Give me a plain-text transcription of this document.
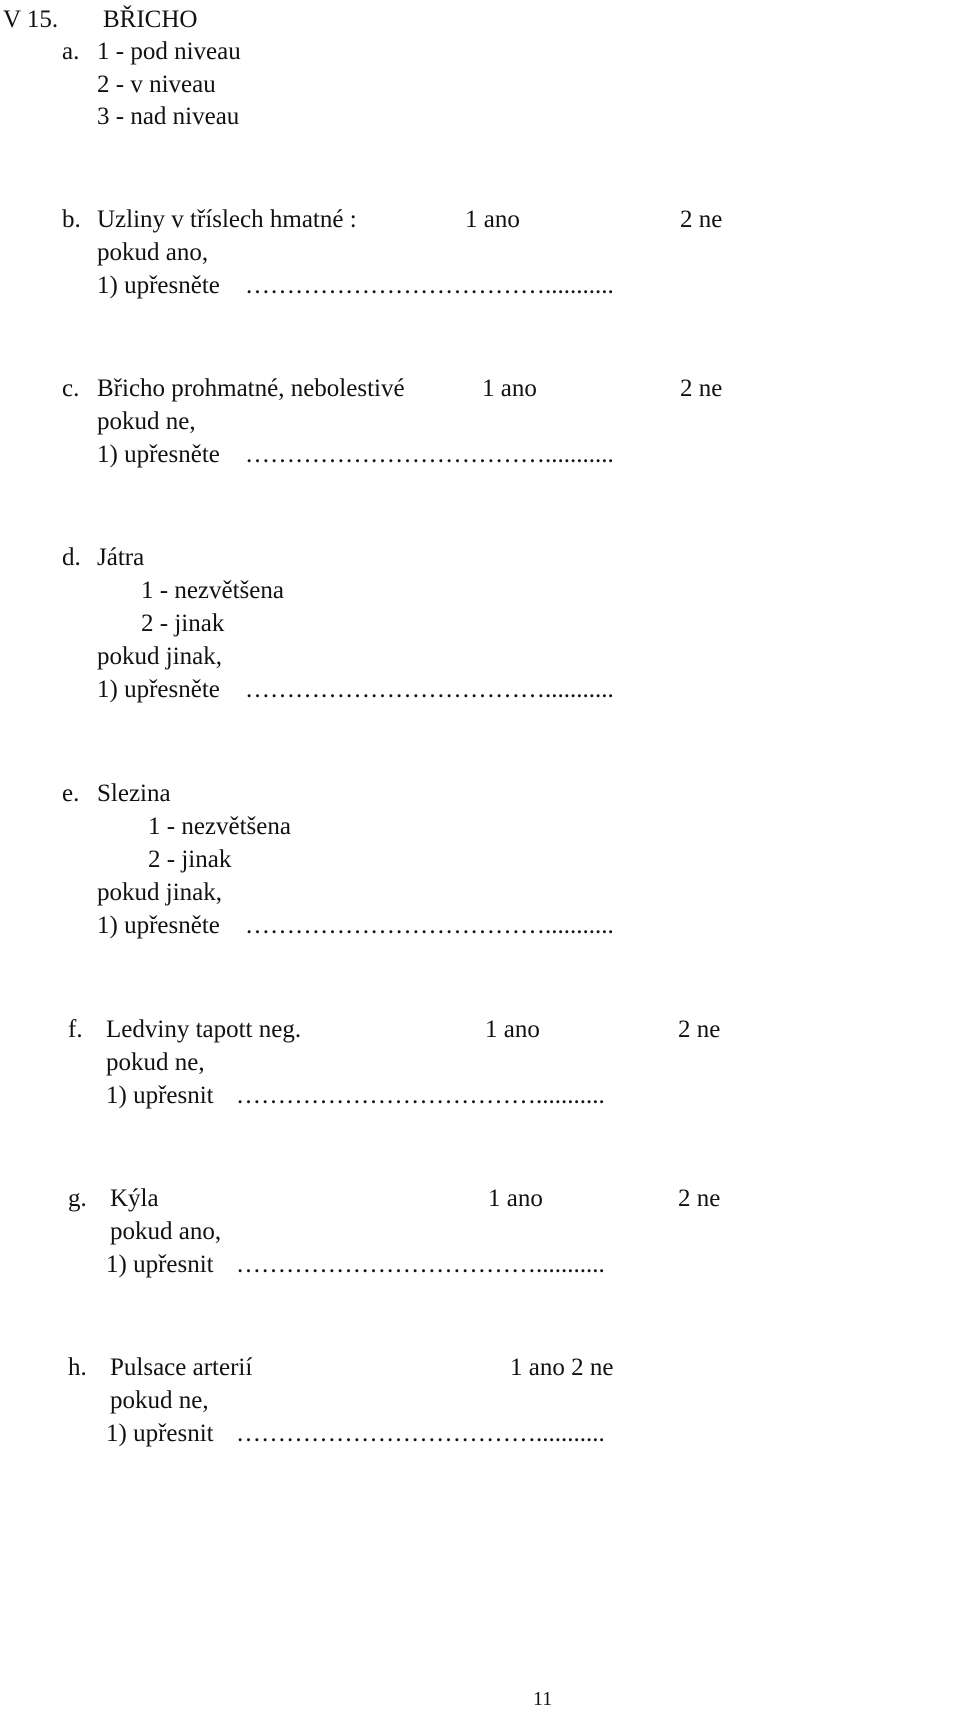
V 15. BŘICHO
a. 1 - pod niveau
2 - v niveau
3 - nad niveau
b. Uzliny v tříslech hmatné :	1 ano	2 ne
pokud ano,
1) upřesněte ………………………………...........
c. Břicho prohmatné, nebolestivé	1 ano	2 ne
pokud ne,
1) upřesněte ………………………………...........
d. Játra
1 - nezvětšena
2 - jinak
pokud jinak,
1) upřesněte ………………………………...........
e. Slezina
1 - nezvětšena
2 - jinak
pokud jinak,
1) upřesněte ………………………………...........
f. Ledviny tapott neg.	1 ano	2 ne
pokud ne,
1) upřesnit ………………………………...........
g. Kýla	1 ano	2 ne
pokud ano,
1) upřesnit ………………………………...........
h. Pulsace arterií	1 ano 2 ne
pokud ne,
1) upřesnit ………………………………...........
11
